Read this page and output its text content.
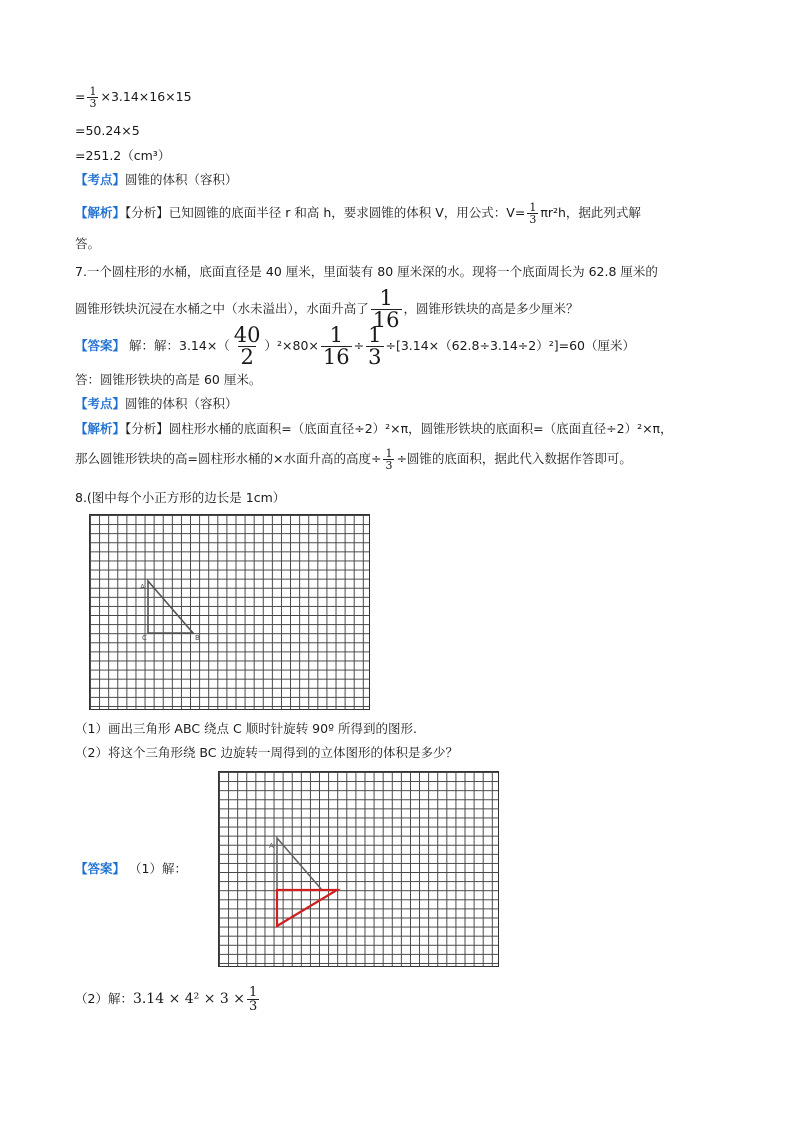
= $\frac{1}{3} \times 3.14\times 16\times 15$
=50.24×5
=251.2（cm³）
【考点】圆锥的体积（容积）
【解析】【分析】已知圆锥的底面半径 r 和高 h，要求圆锥的体积 V，用公式：$V= \frac{1}{3} \pi r^2h$，据此列式解
答。
7.一个圆柱形的水桶，底面直径是 40 厘米，里面装有 80 厘米深的水。现将一个底面周长为 62.8 厘米的
圆锥形铁块沉浸在水桶之中（水未溢出），水面升高了 $\frac{1}{16}$ ，圆锥形铁块的高是多少厘米？
【答案】 解：解：$3.14\times( \frac{40}{2} )^2\times 80\times \frac{1}{16} \div \frac{1}{3} \div[3.14\times(62.8\div 3.14\div 2)^2]=60$（厘米）
答：圆锥形铁块的高是 60 厘米。
【考点】圆锥的体积（容积）
【解析】【分析】圆柱形水桶的底面积=（底面直径÷2）²×π，圆锥形铁块的底面积=（底面直径÷2）²×π，
那么圆锥形铁块的高=圆柱形水桶的×水面升高的高度÷ $\frac{1}{3}$ ÷圆锥的底面积，据此代入数据作答即可。
8.(图中每个小正方形的边长是 1cm）
A
B
C
（1）画出三角形 ABC 绕点 C 顺时针旋转 90º 所得到的图形.
（2）将这个三角形绕 BC 边旋转一周得到的立体图形的体积是多少？
A
【答案】 （1）解：
（2）解：$3.14 \times 4^2 \times 3 \times \frac{1}{3}$
